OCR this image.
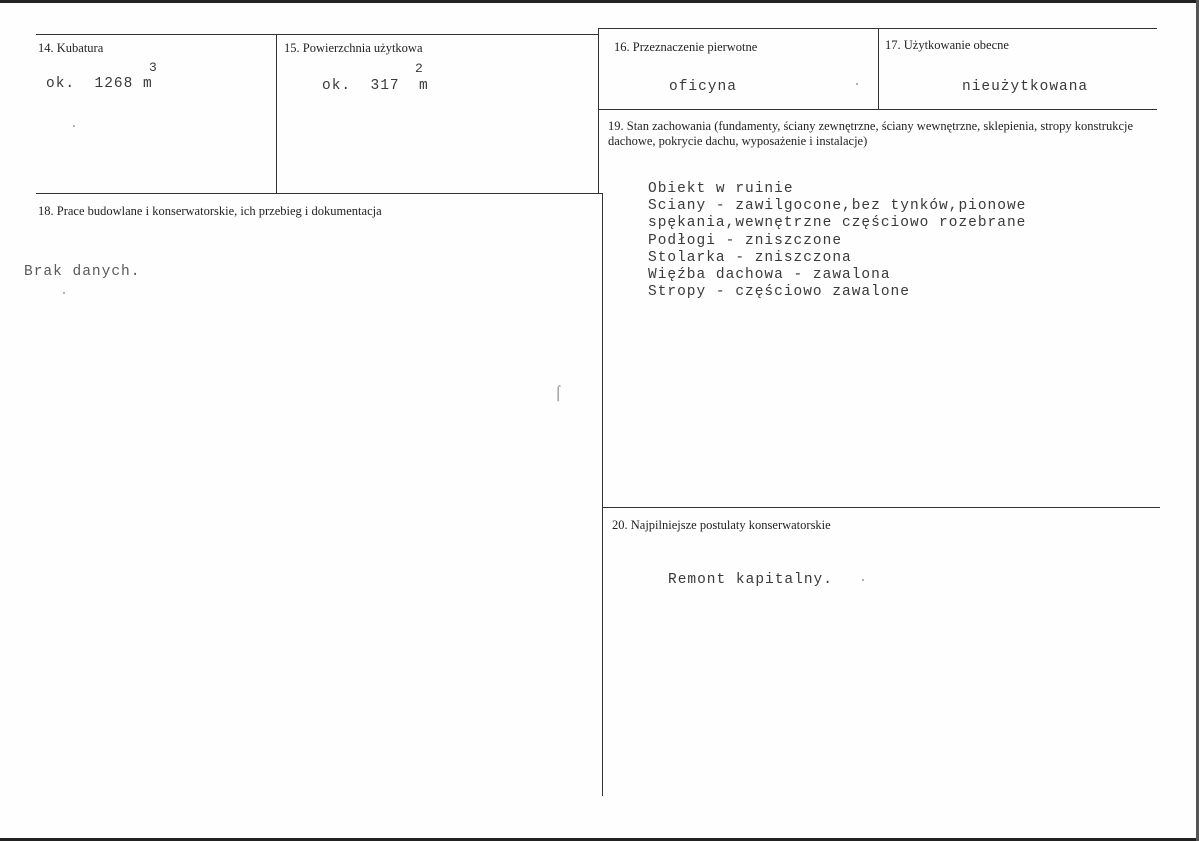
14. Kubatura
ok. 1268 m
3
15. Powierzchnia użytkowa
ok. 317 m
2
16. Przeznaczenie pierwotne
oficyna
17. Użytkowanie obecne
nieużytkowana
18. Prace budowlane i konserwatorskie, ich przebieg i dokumentacja
Brak danych.
19. Stan zachowania (fundamenty, ściany zewnętrzne, ściany wewnętrzne, sklepienia, stropy konstrukcje dachowe, pokrycie dachu, wyposażenie i instalacje)
Obiekt w ruinie
Sciany - zawilgocone,bez tynków,pionowe
spękania,wewnętrzne częściowo rozebrane
Podłogi - zniszczone
Stolarka - zniszczona
Więźba dachowa - zawalona
Stropy - częściowo zawalone
20. Najpilniejsze postulaty konserwatorskie
Remont kapitalny.
⌠
